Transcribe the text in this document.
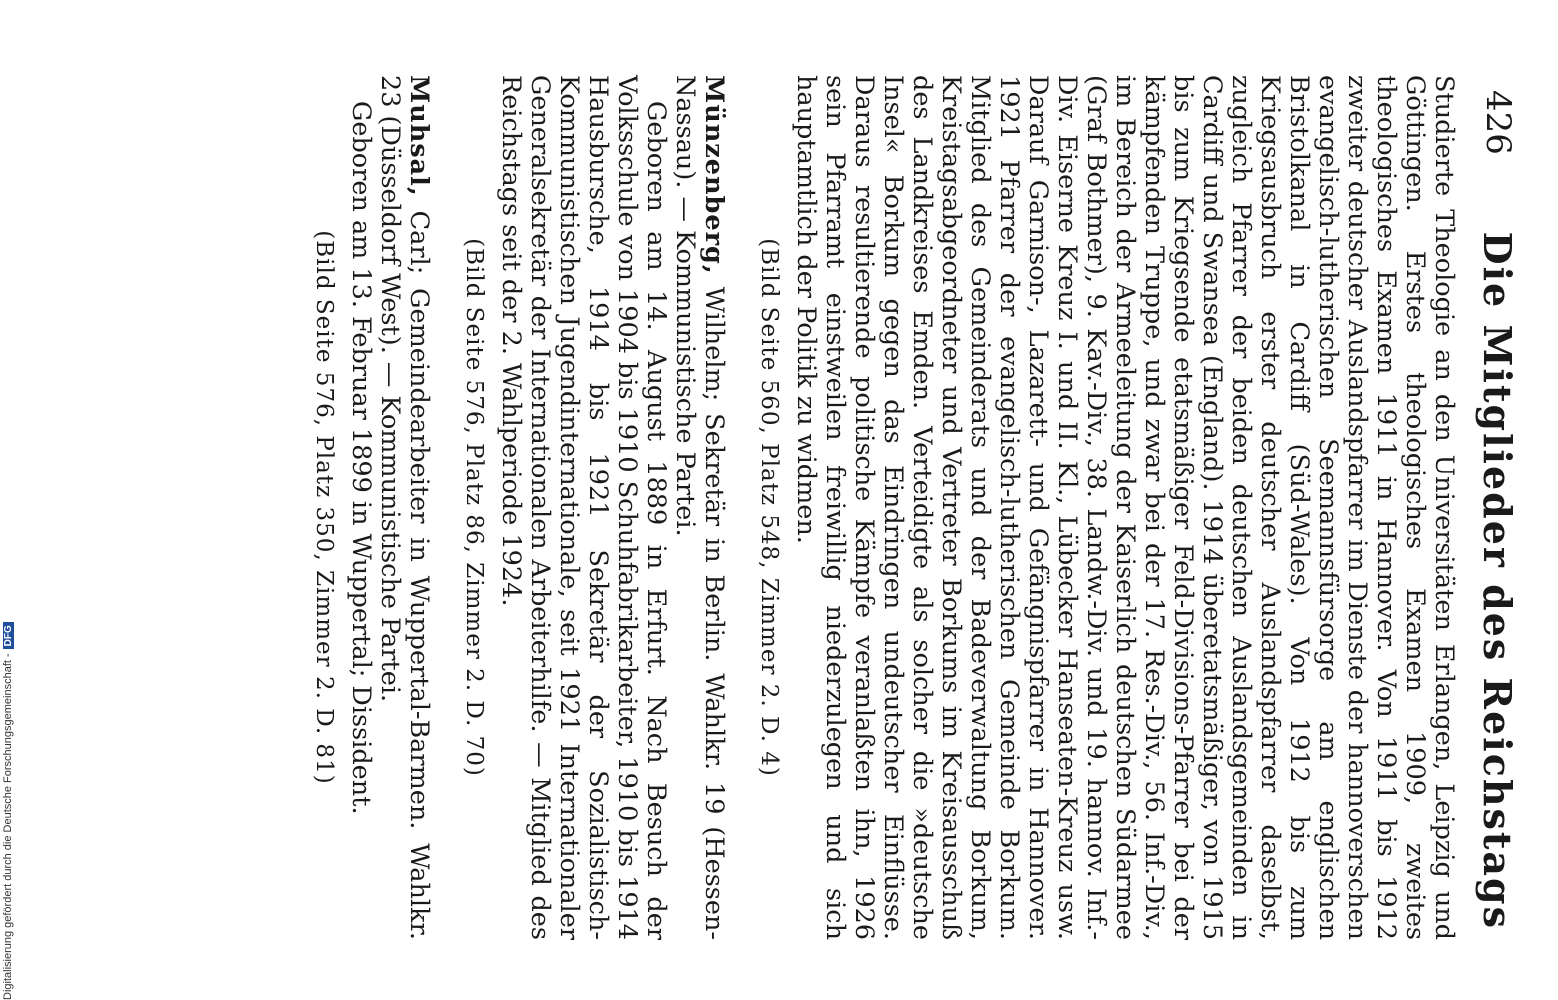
426
Die Mitglieder des Reichstags

Studierte Theologie an den Universitäten Erlangen, Leipzig und Göttingen. Erstes theologisches Examen 1909, zweites theologisches Examen 1911 in Hannover. Von 1911 bis 1912 zweiter deutscher Auslandspfarrer im Dienste der hannoverschen evangelisch-lutherischen Seemannsfürsorge am englischen Bristolkanal in Cardiff (Süd-Wales). Von 1912 bis zum Kriegsausbruch erster deutscher Auslandspfarrer daselbst, zugleich Pfarrer der beiden deutschen Auslandsgemeinden in Cardiff und Swansea (England). 1914 überetatsmäßiger, von 1915 bis zum Kriegsende etatsmäßiger Feld-Divisions-Pfarrer bei der kämpfenden Truppe, und zwar bei der 17. Res.-Div., 56. Inf.-Div., im Bereich der Armeeleitung der Kaiserlich deutschen Südarmee (Graf Bothmer), 9. Kav.-Div., 38. Landw.-Div. und 19. hannov. Inf.-Div. Eiserne Kreuz I. und II. Kl., Lübecker Hanseaten-Kreuz usw. Darauf Garnison-, Lazarett- und Gefängnispfarrer in Hannover. 1921 Pfarrer der evangelisch-lutherischen Gemeinde Borkum. Mitglied des Gemeinderats und der Badeverwaltung Borkum, Kreistagsabgeordneter und Vertreter Borkums im Kreisausschuß des Landkreises Emden. Verteidigte als solcher die »deutsche Insel« Borkum gegen das Eindringen undeutscher Einflüsse. Daraus resultierende politische Kämpfe veranlaßten ihn, 1926 sein Pfarramt einstweilen freiwillig niederzulegen und sich hauptamtlich der Politik zu widmen.

(Bild Seite 560, Platz 548, Zimmer 2. D. 4)

Münzenberg, Wilhelm; Sekretär in Berlin. Wahlkr. 19 (Hessen-Nassau). — Kommunistische Partei.

Geboren am 14. August 1889 in Erfurt. Nach Besuch der Volksschule von 1904 bis 1910 Schuhfabrikarbeiter, 1910 bis 1914 Hausbursche, 1914 bis 1921 Sekretär der Sozialistisch-Kommunistischen Jugendinternationale, seit 1921 Internationaler Generalsekretär der Internationalen Arbeiterhilfe. — Mitglied des Reichstags seit der 2. Wahlperiode 1924.

(Bild Seite 576, Platz 86, Zimmer 2. D. 70)

Muhsal, Carl; Gemeindearbeiter in Wuppertal-Barmen. Wahlkr. 23 (Düsseldorf West). — Kommunistische Partei.

Geboren am 13. Februar 1899 in Wuppertal; Dissident.

(Bild Seite 576, Platz 350, Zimmer 2. D. 81)
Digitalisierung gefördert durch die Deutsche Forschungsgemeinschaft -
DFG
